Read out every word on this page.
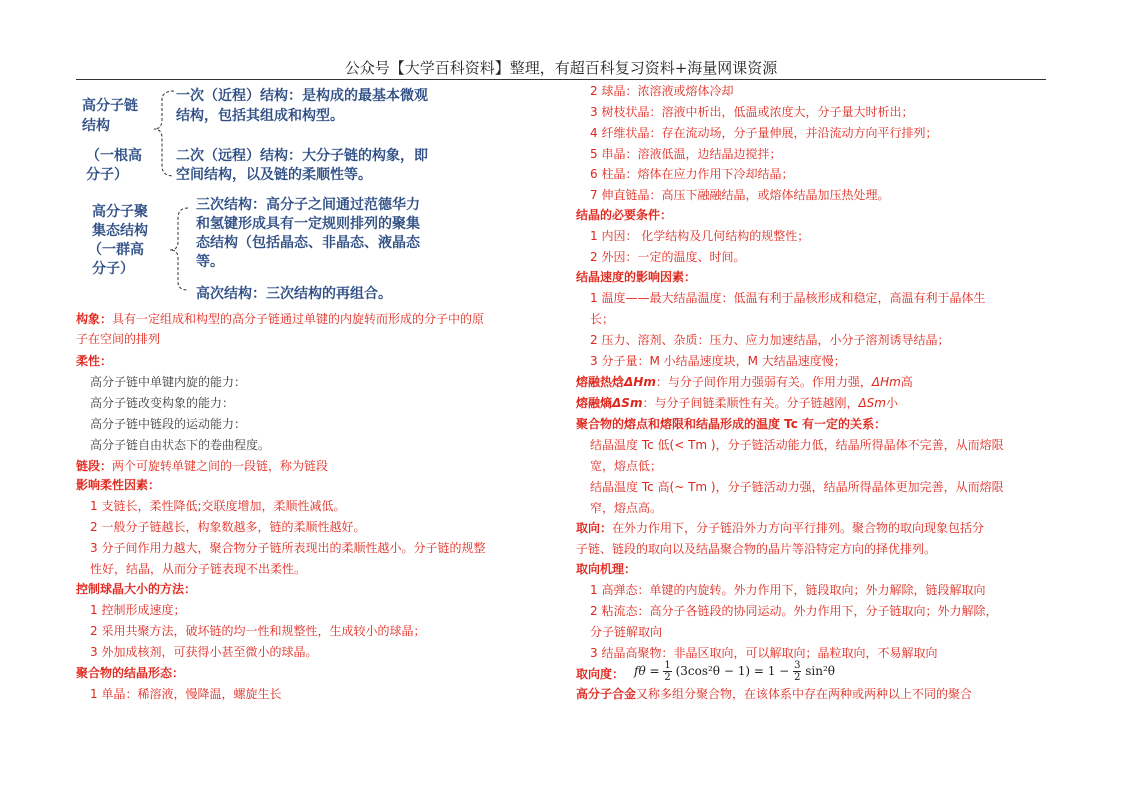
公众号【大学百科资料】整理，有超百科复习资料+海量网课资源
高分子链
结构
（一根高
分子）
一次（近程）结构：是构成的最基本微观
结构，包括其组成和构型。
二次（远程）结构：大分子链的构象，即
空间结构，以及链的柔顺性等。
高分子聚
集态结构
（一群高
分子）
三次结构：高分子之间通过范德华力
和氢键形成具有一定规则排列的聚集
态结构（包括晶态、非晶态、液晶态
等。
高次结构：三次结构的再组合。
构象：具有一定组成和构型的高分子链通过单键的内旋转而形成的分子中的原
子在空间的排列
柔性：
高分子链中单键内旋的能力：
高分子链改变构象的能力：
高分子链中链段的运动能力：
高分子链自由状态下的卷曲程度。
链段：两个可旋转单键之间的一段链，称为链段
影响柔性因素：
1 支链长，柔性降低;交联度增加，柔顺性减低。
2 一般分子链越长，构象数越多，链的柔顺性越好。
3 分子间作用力越大，聚合物分子链所表现出的柔顺性越小。分子链的规整
性好，结晶，从而分子链表现不出柔性。
控制球晶大小的方法：
1 控制形成速度；
2 采用共聚方法，破坏链的均一性和规整性，生成较小的球晶；
3 外加成核剂，可获得小甚至微小的球晶。
聚合物的结晶形态：
1 单晶：稀溶液，慢降温，螺旋生长
2 球晶：浓溶液或熔体冷却
3 树枝状晶：溶液中析出，低温或浓度大，分子量大时析出；
4 纤维状晶：存在流动场，分子量伸展，并沿流动方向平行排列；
5 串晶：溶液低温，边结晶边搅拌；
6 柱晶：熔体在应力作用下冷却结晶；
7 伸直链晶：高压下融融结晶，或熔体结晶加压热处理。
结晶的必要条件：
1 内因： 化学结构及几何结构的规整性；
2 外因：一定的温度、时间。
结晶速度的影响因素：
1 温度——最大结晶温度：低温有利于晶核形成和稳定，高温有利于晶体生
长；
2 压力、溶剂、杂质：压力、应力加速结晶，小分子溶剂诱导结晶；
3 分子量：M 小结晶速度块，M 大结晶速度慢；
熔融热焓ΔHm：与分子间作用力强弱有关。作用力强，ΔHm高
熔融熵ΔSm：与分子间链柔顺性有关。分子链越刚，ΔSm小
聚合物的熔点和熔限和结晶形成的温度 Tc 有一定的关系：
结晶温度 Tc 低(< Tm )，分子链活动能力低，结晶所得晶体不完善，从而熔限
宽，熔点低；
结晶温度 Tc 高(~ Tm )，分子链活动力强，结晶所得晶体更加完善，从而熔限
窄，熔点高。
取向：在外力作用下，分子链沿外力方向平行排列。聚合物的取向现象包括分
子链、链段的取向以及结晶聚合物的晶片等沿特定方向的择优排列。
取向机理：
1 高弹态：单键的内旋转。外力作用下，链段取向；外力解除，链段解取向
2 粘流态：高分子各链段的协同运动。外力作用下，分子链取向；外力解除，
分子链解取向
3 结晶高聚物：非晶区取向，可以解取向；晶粒取向，不易解取向
取向度： $f\theta = \frac{1}{2} (3\cos^2\theta - 1) = 1 - \frac{3}{2} \sin^2\theta$
高分子合金又称多组分聚合物，在该体系中存在两种或两种以上不同的聚合
